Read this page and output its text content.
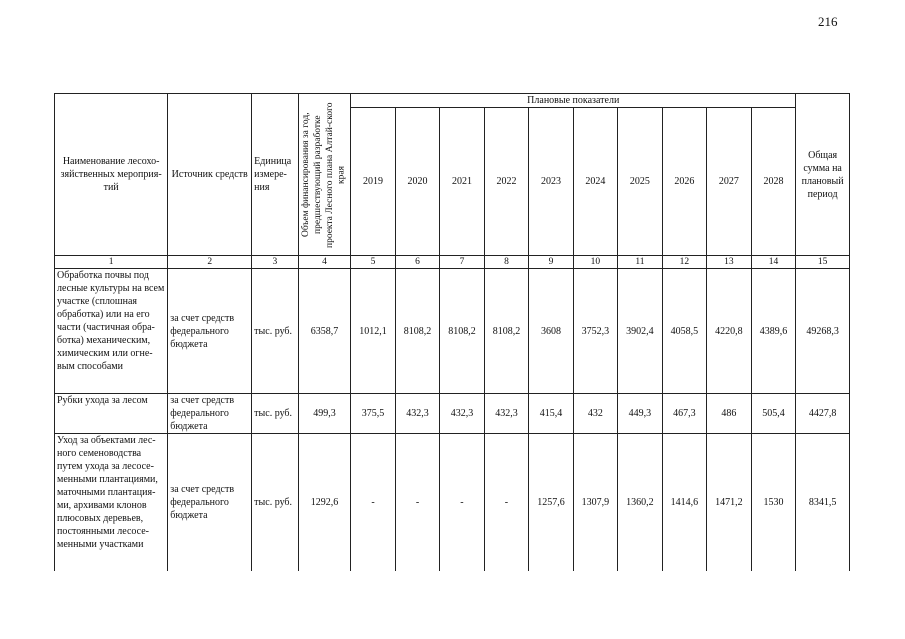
216
Наименование лесохо-зяйственных мероприя-тий	Источник средств	Единица измере-ния	Объем финансирования за год, предшествующий разработке проекта Лесного плана Алтай-ского края	Плановые показатели										Общая сумма на плановый период
				2019	2020	2021	2022	2023	2024	2025	2026	2027	2028	
1	2	3	4	5	6	7	8	9	10	11	12	13	14	15
Обработка почвы под лесные культуры на всем участке (сплошная обработка) или на его части (частичная обра-ботка) механическим, химическим или огне-вым способами	за счет средств федерального бюджета	тыс. руб.	6358,7	1012,1	8108,2	8108,2	8108,2	3608	3752,3	3902,4	4058,5	4220,8	4389,6	49268,3
Рубки ухода за лесом	за счет средств федерального бюджета	тыс. руб.	499,3	375,5	432,3	432,3	432,3	415,4	432	449,3	467,3	486	505,4	4427,8
Уход за объектами лес-ного семеноводства путем ухода за лесосе-менными плантациями, маточными плантация-ми, архивами клонов плюсовых деревьев, постоянными лесосе-менными участками	за счет средств федерального бюджета	тыс. руб.	1292,6	-	-	-	-	1257,6	1307,9	1360,2	1414,6	1471,2	1530	8341,5
